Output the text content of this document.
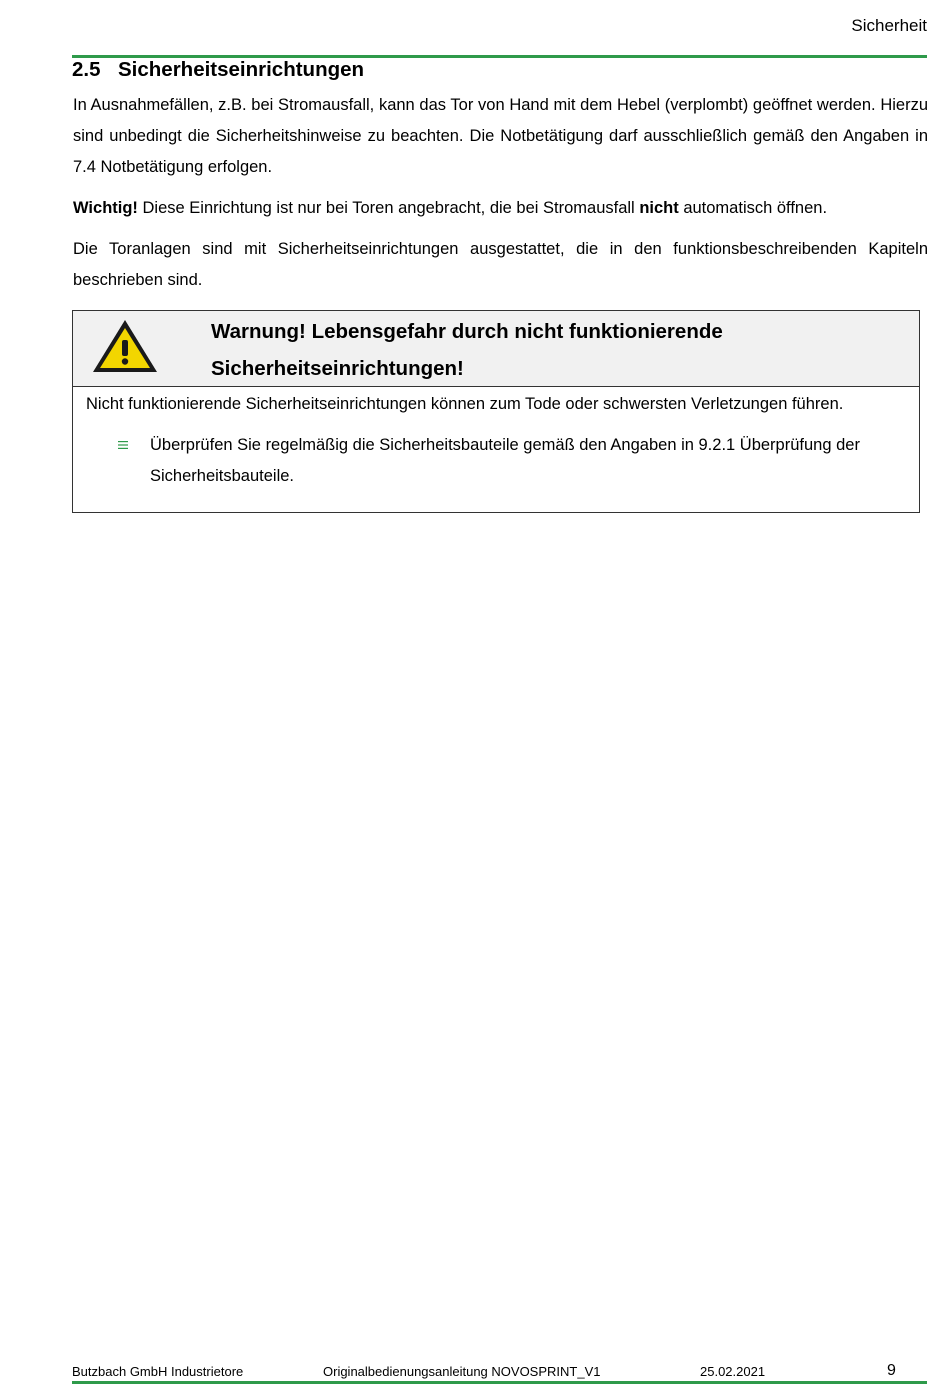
Sicherheit
2.5 Sicherheitseinrichtungen

In Ausnahmefällen, z.B. bei Stromausfall, kann das Tor von Hand mit dem Hebel (verplombt) geöffnet werden. Hierzu sind unbedingt die Sicherheitshinweise zu beachten. Die Notbetätigung darf ausschließlich gemäß den Angaben in 7.4 Notbetätigung erfolgen.

Wichtig! Diese Einrichtung ist nur bei Toren angebracht, die bei Stromausfall nicht automatisch öffnen.

Die Toranlagen sind mit Sicherheitseinrichtungen ausgestattet, die in den funktionsbeschreibenden Kapiteln beschrieben sind.

Warnung! Lebensgefahr durch nicht funktionierende Sicherheitseinrichtungen!

Nicht funktionierende Sicherheitseinrichtungen können zum Tode oder schwersten Verletzungen führen.

Überprüfen Sie regelmäßig die Sicherheitsbauteile gemäß den Angaben in 9.2.1 Überprüfung der Sicherheitsbauteile.

Butzbach GmbH Industrietore	Originalbedienungsanleitung NOVOSPRINT_V1	25.02.2021	9
